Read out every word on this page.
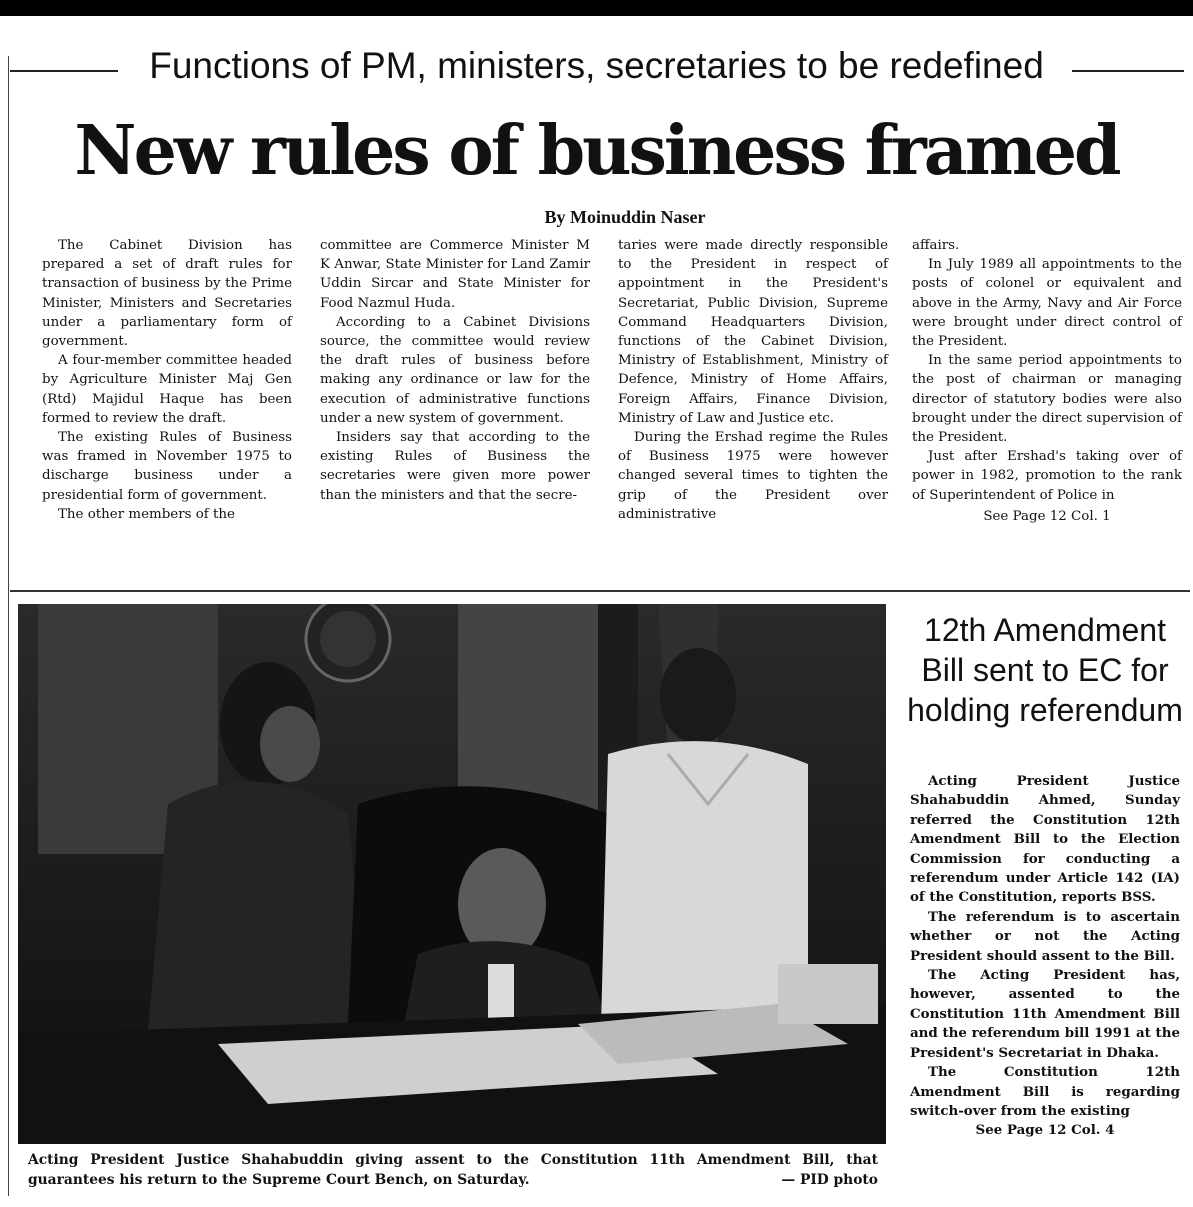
Functions of PM, ministers, secretaries to be redefined
New rules of business framed
By Moinuddin Naser

The Cabinet Division has prepared a set of draft rules for transaction of business by the Prime Minister, Ministers and Secretaries under a parliamentary form of government.

A four-member committee headed by Agriculture Minister Maj Gen (Rtd) Majidul Haque has been formed to review the draft.

The existing Rules of Business was framed in November 1975 to discharge business under a presidential form of government.

The other members of the

committee are Commerce Minister M K Anwar, State Minister for Land Zamir Uddin Sircar and State Minister for Food Nazmul Huda.

According to a Cabinet Divisions source, the committee would review the draft rules of business before making any ordinance or law for the execution of administrative functions under a new system of government.

Insiders say that according to the existing Rules of Business the secretaries were given more power than the ministers and that the secre-

taries were made directly responsible to the President in respect of appointment in the President's Secretariat, Public Division, Supreme Command Headquarters Division, functions of the Cabinet Division, Ministry of Establishment, Ministry of Defence, Ministry of Home Affairs, Foreign Affairs, Finance Division, Ministry of Law and Justice etc.

During the Ershad regime the Rules of Business 1975 were however changed several times to tighten the grip of the President over administrative

affairs.

In July 1989 all appointments to the posts of colonel or equivalent and above in the Army, Navy and Air Force were brought under direct control of the President.

In the same period appointments to the post of chairman or managing director of statutory bodies were also brought under the direct supervision of the President.

Just after Ershad's taking over of power in 1982, promotion to the rank of Superintendent of Police in

See Page 12 Col. 1

Acting President Justice Shahabuddin giving assent to the Constitution 11th Amendment Bill, that guarantees his return to the Supreme Court Bench, on Saturday.	— PID photo
12th Amendment Bill sent to EC for holding referendum

Acting President Justice Shahabuddin Ahmed, Sunday referred the Constitution 12th Amendment Bill to the Election Commission for conducting a referendum under Article 142 (IA) of the Constitution, reports BSS.

The referendum is to ascertain whether or not the Acting President should assent to the Bill.

The Acting President has, however, assented to the Constitution 11th Amendment Bill and the referendum bill 1991 at the President's Secretariat in Dhaka.

The Constitution 12th Amendment Bill is regarding switch-over from the existing

See Page 12 Col. 4
